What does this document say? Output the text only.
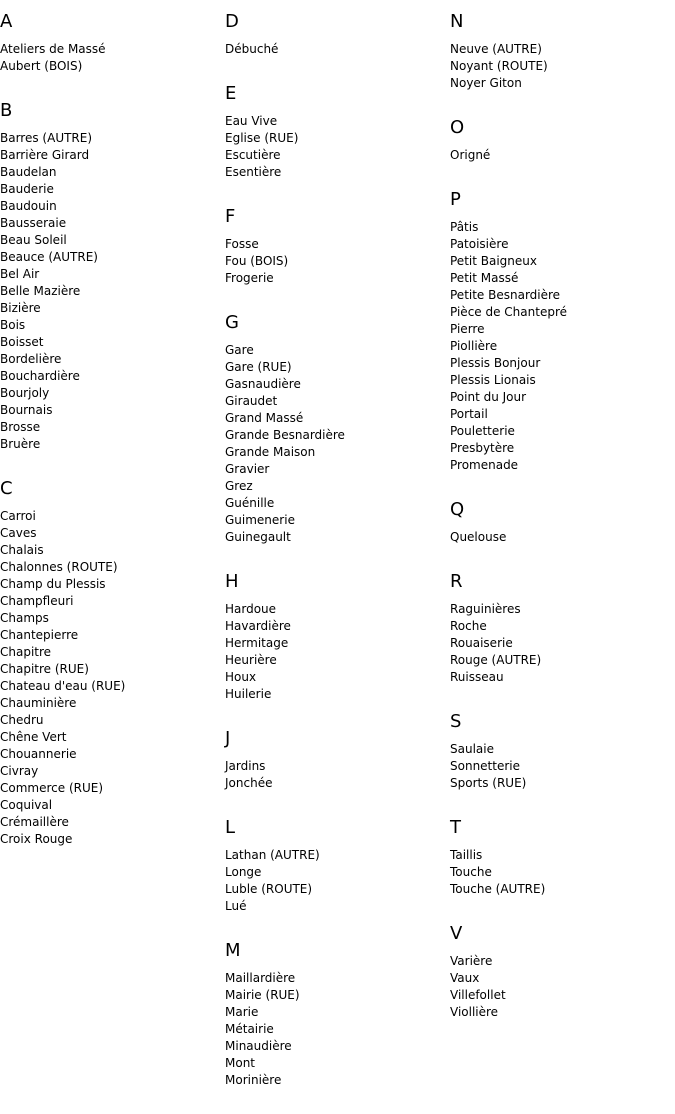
A
Ateliers de Massé
Aubert (BOIS)
B
Barres (AUTRE)
Barrière Girard
Baudelan
Bauderie
Baudouin
Bausseraie
Beau Soleil
Beauce (AUTRE)
Bel Air
Belle Mazière
Bizière
Bois
Boisset
Bordelière
Bouchardière
Bourjoly
Bournais
Brosse
Bruère
C
Carroi
Caves
Chalais
Chalonnes (ROUTE)
Champ du Plessis
Champfleuri
Champs
Chantepierre
Chapitre
Chapitre (RUE)
Chateau d'eau (RUE)
Chauminière
Chedru
Chêne Vert
Chouannerie
Civray
Commerce (RUE)
Coquival
Crémaillère
Croix Rouge
D
Débuché
E
Eau Vive
Eglise (RUE)
Escutière
Esentière
F
Fosse
Fou (BOIS)
Frogerie
G
Gare
Gare (RUE)
Gasnaudière
Giraudet
Grand Massé
Grande Besnardière
Grande Maison
Gravier
Grez
Guénille
Guimenerie
Guinegault
H
Hardoue
Havardière
Hermitage
Heurière
Houx
Huilerie
J
Jardins
Jonchée
L
Lathan (AUTRE)
Longe
Luble (ROUTE)
Lué
M
Maillardière
Mairie (RUE)
Marie
Métairie
Minaudière
Mont
Morinière
N
Neuve (AUTRE)
Noyant (ROUTE)
Noyer Giton
O
Origné
P
Pâtis
Patoisière
Petit Baigneux
Petit Massé
Petite Besnardière
Pièce de Chantepré
Pierre
Piollière
Plessis Bonjour
Plessis Lionais
Point du Jour
Portail
Pouletterie
Presbytère
Promenade
Q
Quelouse
R
Raguinières
Roche
Rouaiserie
Rouge (AUTRE)
Ruisseau
S
Saulaie
Sonnetterie
Sports (RUE)
T
Taillis
Touche
Touche (AUTRE)
V
Varière
Vaux
Villefollet
Viollière
